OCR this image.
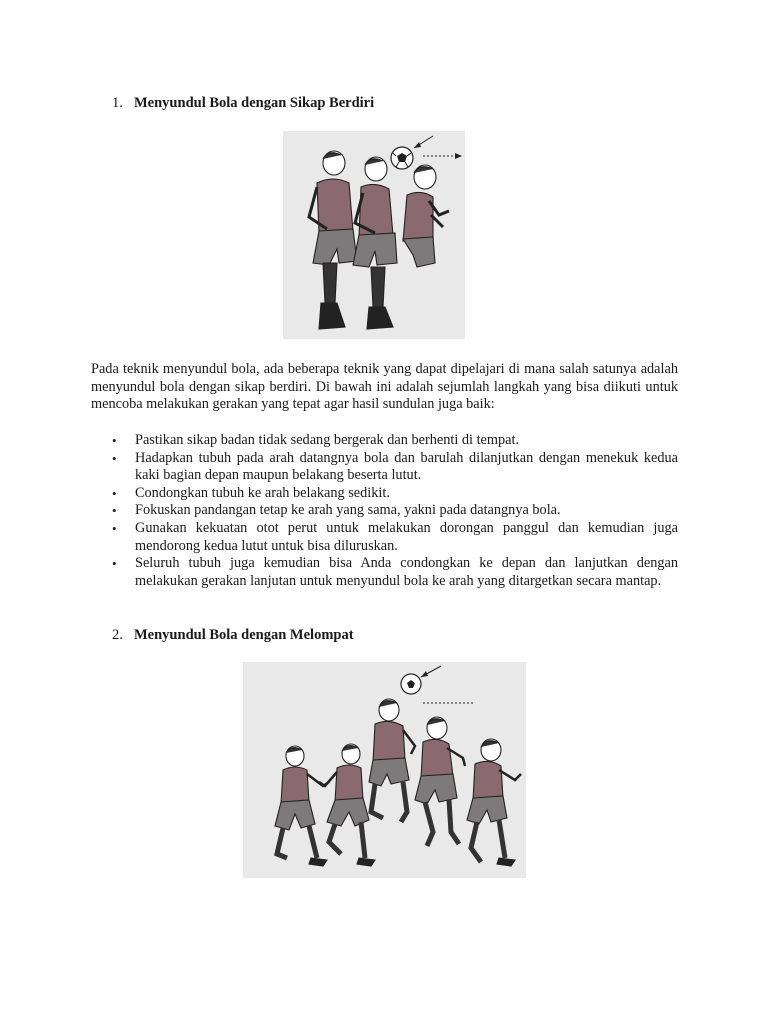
1. Menyundul Bola dengan Sikap Berdiri

Pada teknik menyundul bola, ada beberapa teknik yang dapat dipelajari di mana salah satunya adalah menyundul bola dengan sikap berdiri. Di bawah ini adalah sejumlah langkah yang bisa diikuti untuk mencoba melakukan gerakan yang tepat agar hasil sundulan juga baik:

• Pastikan sikap badan tidak sedang bergerak dan berhenti di tempat.
• Hadapkan tubuh pada arah datangnya bola dan barulah dilanjutkan dengan menekuk kedua kaki bagian depan maupun belakang beserta lutut.
• Condongkan tubuh ke arah belakang sedikit.
• Fokuskan pandangan tetap ke arah yang sama, yakni pada datangnya bola.
• Gunakan kekuatan otot perut untuk melakukan dorongan panggul dan kemudian juga mendorong kedua lutut untuk bisa diluruskan.
• Seluruh tubuh juga kemudian bisa Anda condongkan ke depan dan lanjutkan dengan melakukan gerakan lanjutan untuk menyundul bola ke arah yang ditargetkan secara mantap.
2. Menyundul Bola dengan Melompat
